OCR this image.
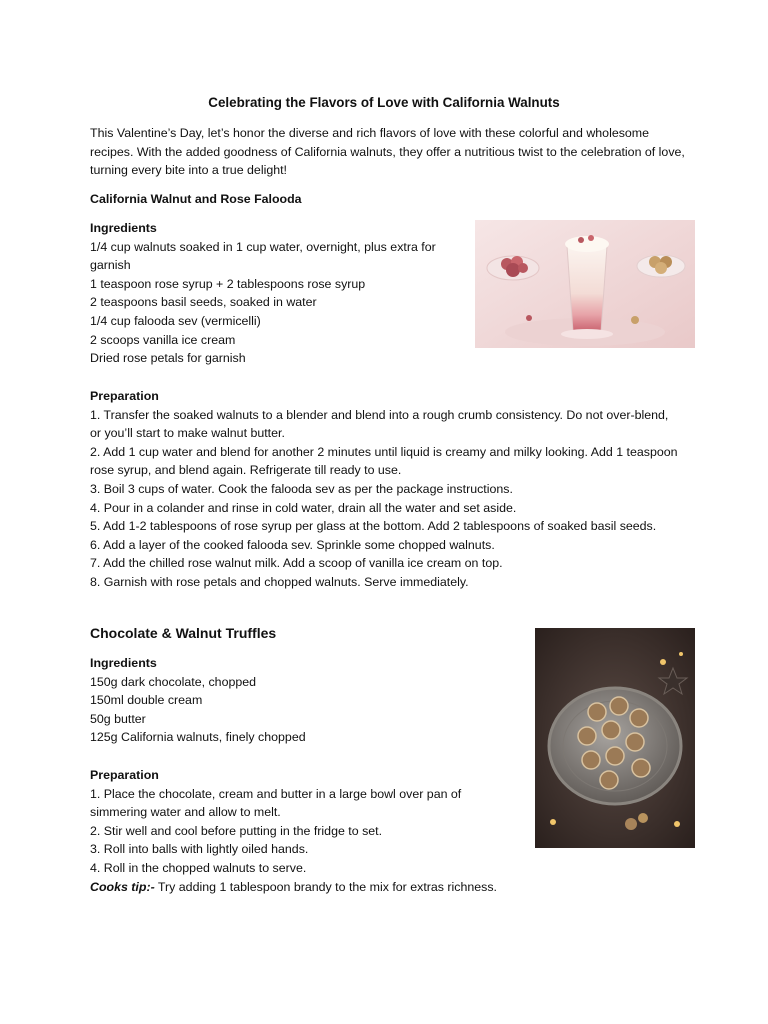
Celebrating the Flavors of Love with California Walnuts
This Valentine’s Day, let’s honor the diverse and rich flavors of love with these colorful and wholesome recipes. With the added goodness of California walnuts, they offer a nutritious twist to the celebration of love, turning every bite into a true delight!
California Walnut and Rose Falooda
Ingredients
1/4 cup walnuts soaked in 1 cup water, overnight, plus extra for garnish
1 teaspoon rose syrup + 2 tablespoons rose syrup
2 teaspoons basil seeds, soaked in water
1/4 cup falooda sev (vermicelli)
2 scoops vanilla ice cream
Dried rose petals for garnish
Preparation
1. Transfer the soaked walnuts to a blender and blend into a rough crumb consistency. Do not over-blend, or you’ll start to make walnut butter.
2. Add 1 cup water and blend for another 2 minutes until liquid is creamy and milky looking. Add 1 teaspoon rose syrup, and blend again. Refrigerate till ready to use.
3. Boil 3 cups of water. Cook the falooda sev as per the package instructions.
4. Pour in a colander and rinse in cold water, drain all the water and set aside.
5. Add 1-2 tablespoons of rose syrup per glass at the bottom. Add 2 tablespoons of soaked basil seeds.
6. Add a layer of the cooked falooda sev. Sprinkle some chopped walnuts.
7. Add the chilled rose walnut milk. Add a scoop of vanilla ice cream on top.
8. Garnish with rose petals and chopped walnuts. Serve immediately.
Chocolate & Walnut Truffles
Ingredients
150g dark chocolate, chopped
150ml double cream
50g butter
125g California walnuts, finely chopped
Preparation
1. Place the chocolate, cream and butter in a large bowl over pan of simmering water and allow to melt.
2. Stir well and cool before putting in the fridge to set.
3. Roll into balls with lightly oiled hands.
4. Roll in the chopped walnuts to serve.
Cooks tip:- Try adding 1 tablespoon brandy to the mix for extras richness.
